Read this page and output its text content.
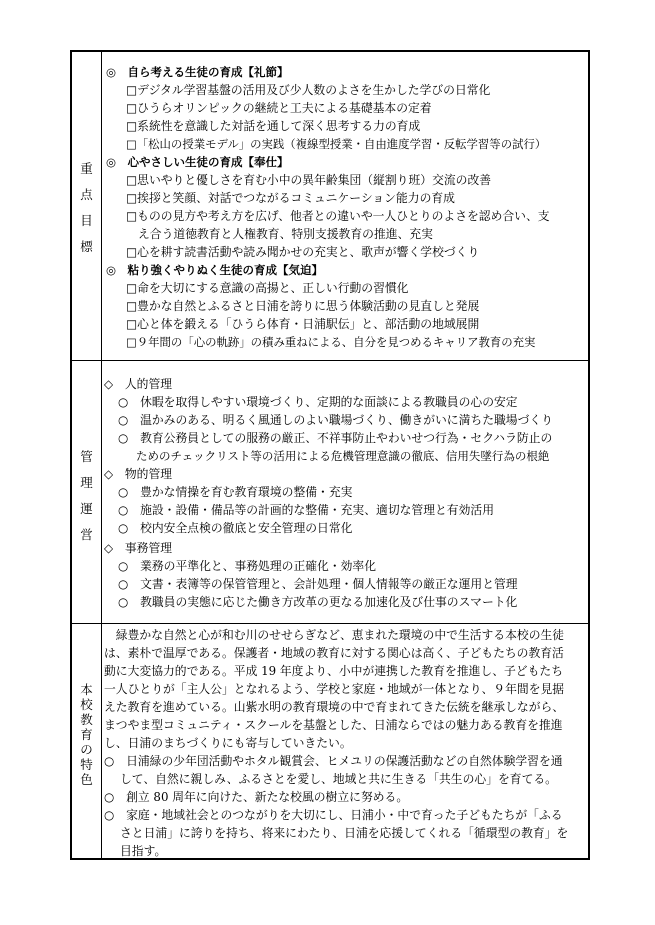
重
点
目
標
◎　自ら考える生徒の育成【礼節】
□デジタル学習基盤の活用及び少人数のよさを生かした学びの日常化
□ひうらオリンピックの継続と工夫による基礎基本の定着
□系統性を意識した対話を通して深く思考する力の育成
□「松山の授業モデル」の実践（複線型授業・自由進度学習・反転学習等の試行）
◎　心やさしい生徒の育成【奉仕】
□思いやりと優しさを育む小中の異年齢集団（縦割り班）交流の改善
□挨拶と笑顔、対話でつながるコミュニケーション能力の育成
□ものの見方や考え方を広げ、他者との違いや一人ひとりのよさを認め合い、支
え合う道徳教育と人権教育、特別支援教育の推進、充実
□心を耕す読書活動や読み聞かせの充実と、歌声が響く学校づくり
◎　粘り強くやりぬく生徒の育成【気迫】
□命を大切にする意識の高揚と、正しい行動の習慣化
□豊かな自然とふるさと日浦を誇りに思う体験活動の見直しと発展
□心と体を鍛える「ひうら体育・日浦駅伝」と、部活動の地域展開
□９年間の「心の軌跡」の積み重ねによる、自分を見つめるキャリア教育の充実
管
理
運
営
◇　人的管理
○　休暇を取得しやすい環境づくり、定期的な面談による教職員の心の安定
○　温かみのある、明るく風通しのよい職場づくり、働きがいに満ちた職場づくり
○　教育公務員としての服務の厳正、不祥事防止やわいせつ行為・セクハラ防止の
ためのチェックリスト等の活用による危機管理意識の徹底、信用失墜行為の根絶
◇　物的管理
○　豊かな情操を育む教育環境の整備・充実
○　施設・設備・備品等の計画的な整備・充実、適切な管理と有効活用
○　校内安全点検の徹底と安全管理の日常化
◇　事務管理
○　業務の平準化と、事務処理の正確化・効率化
○　文書・表簿等の保管管理と、会計処理・個人情報等の厳正な運用と管理
○　教職員の実態に応じた働き方改革の更なる加速化及び仕事のスマート化
本
校
教
育
の
特
色
　緑豊かな自然と心が和む川のせせらぎなど、恵まれた環境の中で生活する本校の生徒
は、素朴で温厚である。保護者・地域の教育に対する関心は高く、子どもたちの教育活
動に大変協力的である。平成 19 年度より、小中が連携した教育を推進し、子どもたち
一人ひとりが「主人公」となれるよう、学校と家庭・地域が一体となり、９年間を見据
えた教育を進めている。山紫水明の教育環境の中で育まれてきた伝統を継承しながら、
まつやま型コミュニティ・スクールを基盤とした、日浦ならではの魅力ある教育を推進
し、日浦のまちづくりにも寄与していきたい。
○　日浦緑の少年団活動やホタル観賞会、ヒメユリの保護活動などの自然体験学習を通
して、自然に親しみ、ふるさとを愛し、地域と共に生きる「共生の心」を育てる。
○　創立 80 周年に向けた、新たな校風の樹立に努める。
○　家庭・地域社会とのつながりを大切にし、日浦小・中で育った子どもたちが「ふる
さと日浦」に誇りを持ち、将来にわたり、日浦を応援してくれる「循環型の教育」を
目指す。
